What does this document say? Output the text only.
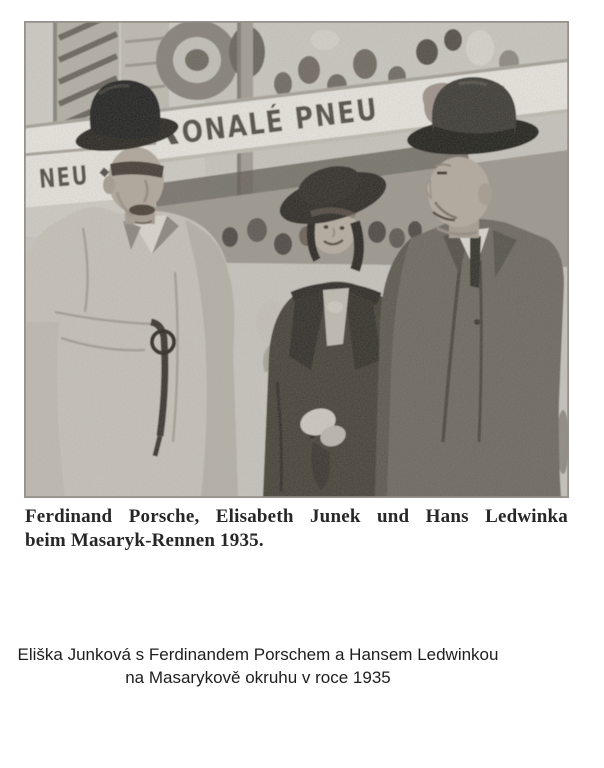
Ferdinand Porsche, Elisabeth Junek und Hans Ledwinka
beim Masaryk-Rennen 1935.
Eliška Junková s Ferdinandem Porschem a Hansem Ledwinkou
na Masarykově okruhu v roce 1935
